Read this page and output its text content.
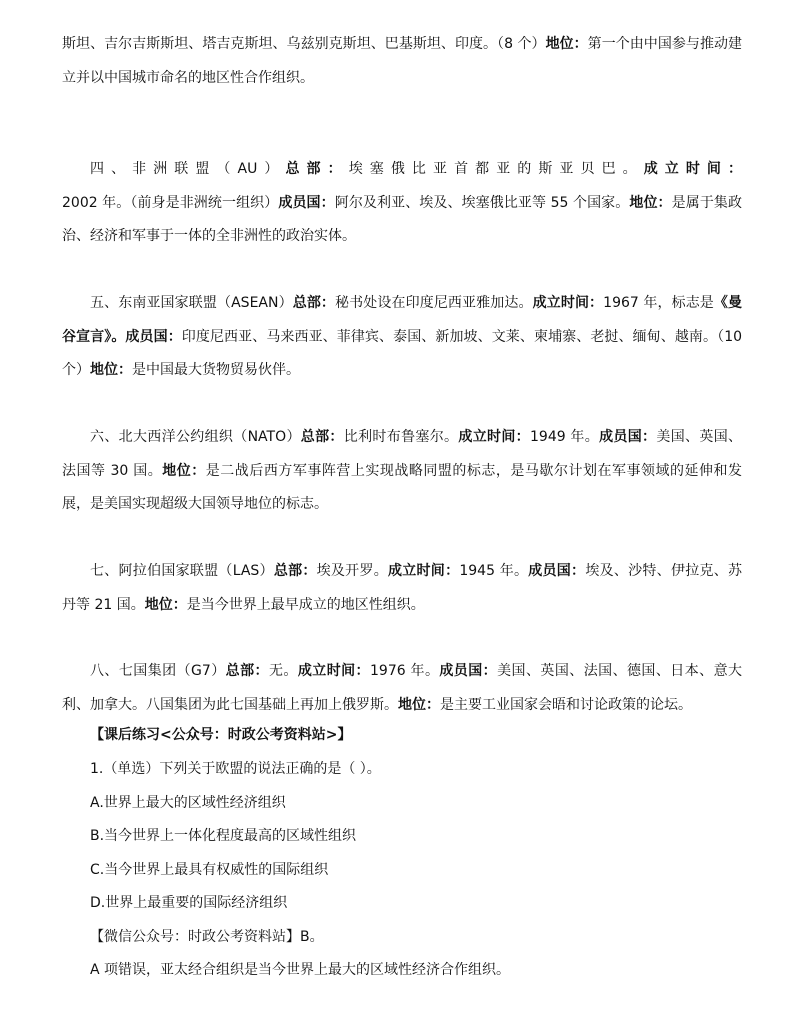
斯坦、吉尔吉斯斯坦、塔吉克斯坦、乌兹别克斯坦、巴基斯坦、印度。（8 个）地位：第一个由中国参与推动建立并以中国城市命名的地区性合作组织。

四、非洲联盟（AU）总部：埃塞俄比亚首都亚的斯亚贝巴。成立时间：2002 年。（前身是非洲统一组织）成员国：阿尔及利亚、埃及、埃塞俄比亚等 55 个国家。地位：是属于集政治、经济和军事于一体的全非洲性的政治实体。

五、东南亚国家联盟（ASEAN）总部：秘书处设在印度尼西亚雅加达。成立时间：1967 年，标志是《曼谷宣言》。成员国：印度尼西亚、马来西亚、菲律宾、泰国、新加坡、文莱、柬埔寨、老挝、缅甸、越南。（10 个）地位：是中国最大货物贸易伙伴。

六、北大西洋公约组织（NATO）总部：比利时布鲁塞尔。成立时间：1949 年。成员国：美国、英国、法国等 30 国。地位：是二战后西方军事阵营上实现战略同盟的标志，是马歇尔计划在军事领域的延伸和发展，是美国实现超级大国领导地位的标志。

七、阿拉伯国家联盟（LAS）总部：埃及开罗。成立时间：1945 年。成员国：埃及、沙特、伊拉克、苏丹等 21 国。地位：是当今世界上最早成立的地区性组织。

八、七国集团（G7）总部：无。成立时间：1976 年。成员国：美国、英国、法国、德国、日本、意大利、加拿大。八国集团为此七国基础上再加上俄罗斯。地位：是主要工业国家会晤和讨论政策的论坛。

【课后练习<公众号：时政公考资料站>】
1.（单选）下列关于欧盟的说法正确的是（ ）。
A.世界上最大的区域性经济组织
B.当今世界上一体化程度最高的区域性组织
C.当今世界上最具有权威性的国际组织
D.世界上最重要的国际经济组织
【微信公众号：时政公考资料站】B。
A 项错误，亚太经合组织是当今世界上最大的区域性经济合作组织。
